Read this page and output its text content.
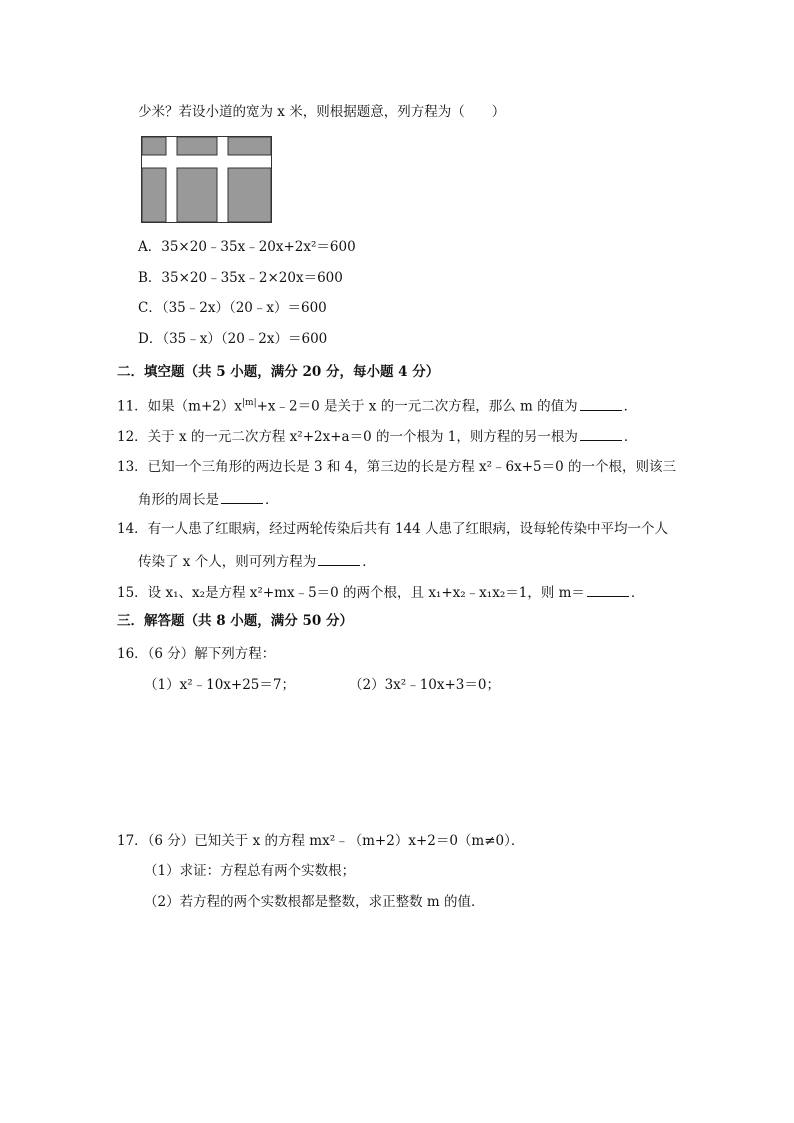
少米？若设小道的宽为 x 米，则根据题意，列方程为（　　）
A．35×20﹣35x﹣20x+2x²＝600
B．35×20﹣35x﹣2×20x＝600
C．（35﹣2x）（20﹣x）＝600
D．（35﹣x）（20﹣2x）＝600
二．填空题（共 5 小题，满分 20 分，每小题 4 分）
11．如果$(m+2)x^{|m|}+x﹣2=0$ 是关于 x 的一元二次方程，那么 m 的值为	．
12．关于 x 的一元二次方程 x²+2x+a＝0 的一个根为 1，则方程的另一根为	．
13．已知一个三角形的两边长是 3 和 4，第三边的长是方程 x²﹣6x+5＝0 的一个根，则该三
角形的周长是	．
14．有一人患了红眼病，经过两轮传染后共有 144 人患了红眼病，设每轮传染中平均一个人
传染了 x 个人，则可列方程为	．
15．设 x₁、x₂是方程 x²+mx﹣5＝0 的两个根，且 x₁+x₂﹣x₁x₂＝1，则 m＝	．
三．解答题（共 8 小题，满分 50 分）
16．（6 分）解下列方程：
（1）x²﹣10x+25＝7；	（2）3x²﹣10x+3＝0；
17．（6 分）已知关于 x 的方程 mx²﹣（m+2）x+2＝0（m≠0）．
（1）求证：方程总有两个实数根；
（2）若方程的两个实数根都是整数，求正整数 m 的值．
